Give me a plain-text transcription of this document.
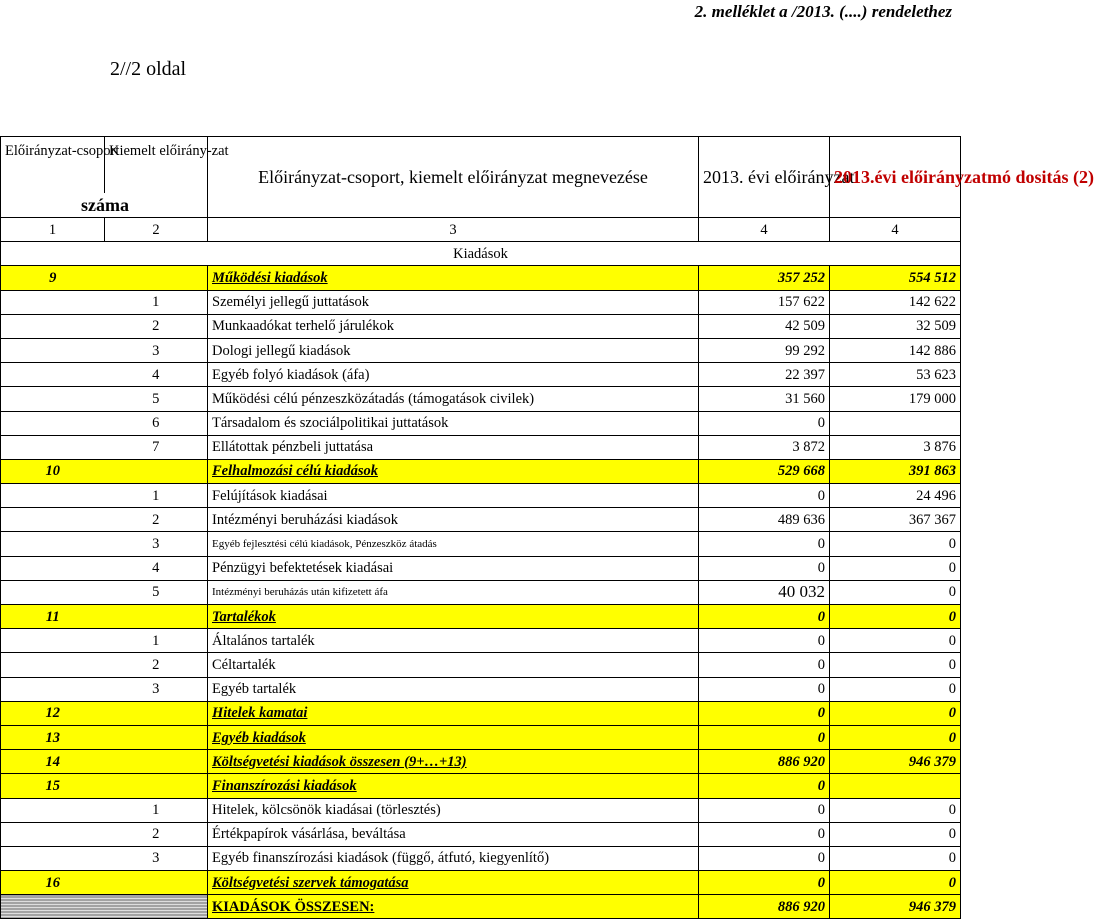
2. melléklet a /2013. (....) rendelethez
2//2 oldal
Előirányzat-csoport	Kiemelt előirány-zat	Előirányzat-csoport, kiemelt előirányzat megnevezése	2013. évi előirányzat	2013.évi előirányzatmó dositás (2)
száma				
1	2	3	4	4
Kiadások				
9		Működési kiadások	357 252	554 512
	1	Személyi jellegű juttatások	157 622	142 622
	2	Munkaadókat terhelő járulékok	42 509	32 509
	3	Dologi jellegű kiadások	99 292	142 886
	4	Egyéb folyó kiadások (áfa)	22 397	53 623
	5	Működési célú pénzeszközátadás (támogatások civilek)	31 560	179 000
	6	Társadalom és szociálpolitikai juttatások	0	
	7	Ellátottak pénzbeli juttatása	3 872	3 876
10		Felhalmozási célú kiadások	529 668	391 863
	1	Felújítások kiadásai	0	24 496
	2	Intézményi beruházási kiadások	489 636	367 367
	3	Egyéb fejlesztési célú kiadások, Pénzeszköz átadás	0	0
	4	Pénzügyi befektetések kiadásai	0	0
	5	Intézményi beruházás után kifizetett áfa	40 032	0
11		Tartalékok	0	0
	1	Általános tartalék	0	0
	2	Céltartalék	0	0
	3	Egyéb tartalék	0	0
12		Hitelek kamatai	0	0
13		Egyéb kiadások	0	0
14		Költségvetési kiadások összesen (9+…+13)	886 920	946 379
15		Finanszírozási kiadások	0	
	1	Hitelek, kölcsönök kiadásai (törlesztés)	0	0
	2	Értékpapírok vásárlása, beváltása	0	0
	3	Egyéb finanszírozási kiadások (függő, átfutó, kiegyenlítő)	0	0
16		Költségvetési szervek támogatása	0	0
		KIADÁSOK ÖSSZESEN:	886 920	946 379
